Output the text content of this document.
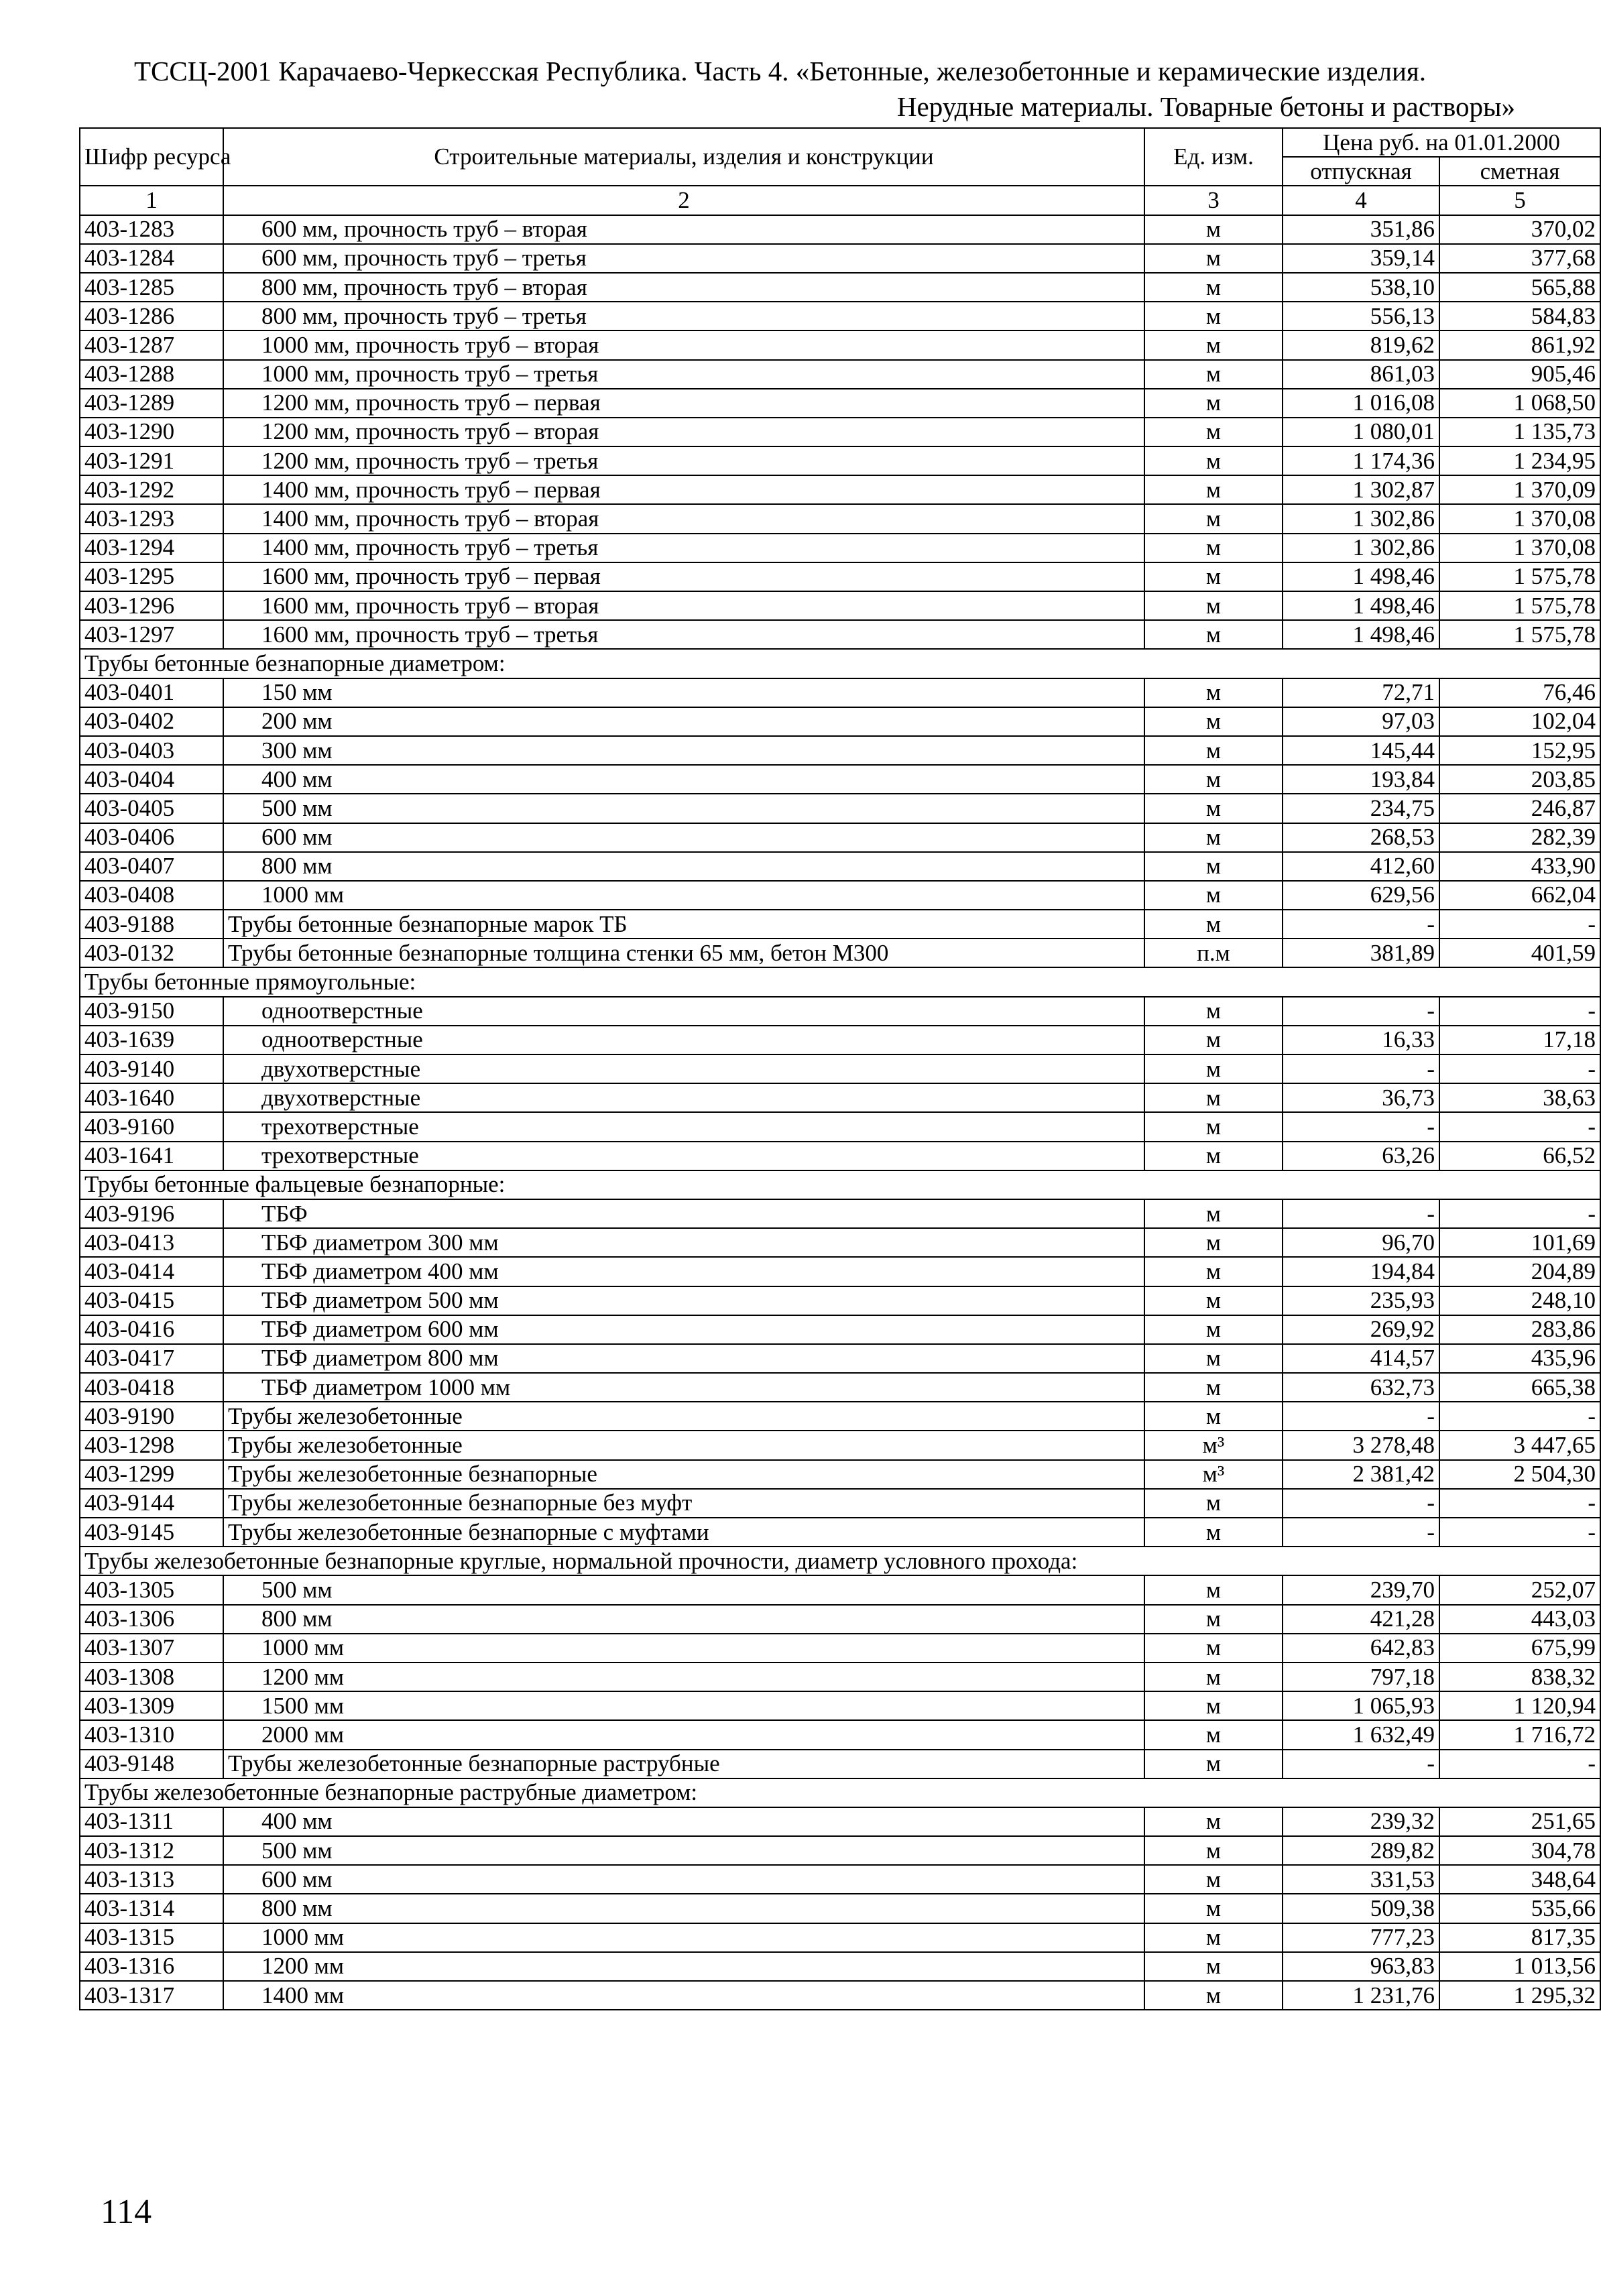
ТССЦ-2001 Карачаево-Черкесская Республика. Часть 4. «Бетонные, железобетонные и керамические изделия.
Нерудные материалы. Товарные бетоны и растворы»
Шифр ресурса	Строительные материалы, изделия и конструкции	Ед. изм.	Цена руб. на 01.01.2000	
			отпускная	сметная
1	2	3	4	5
403-1283	600 мм, прочность труб – вторая	м	351,86	370,02
403-1284	600 мм, прочность труб – третья	м	359,14	377,68
403-1285	800 мм, прочность труб – вторая	м	538,10	565,88
403-1286	800 мм, прочность труб – третья	м	556,13	584,83
403-1287	1000 мм, прочность труб – вторая	м	819,62	861,92
403-1288	1000 мм, прочность труб – третья	м	861,03	905,46
403-1289	1200 мм, прочность труб – первая	м	1 016,08	1 068,50
403-1290	1200 мм, прочность труб – вторая	м	1 080,01	1 135,73
403-1291	1200 мм, прочность труб – третья	м	1 174,36	1 234,95
403-1292	1400 мм, прочность труб – первая	м	1 302,87	1 370,09
403-1293	1400 мм, прочность труб – вторая	м	1 302,86	1 370,08
403-1294	1400 мм, прочность труб – третья	м	1 302,86	1 370,08
403-1295	1600 мм, прочность труб – первая	м	1 498,46	1 575,78
403-1296	1600 мм, прочность труб – вторая	м	1 498,46	1 575,78
403-1297	1600 мм, прочность труб – третья	м	1 498,46	1 575,78
Трубы бетонные безнапорные диаметром:				
403-0401	150 мм	м	72,71	76,46
403-0402	200 мм	м	97,03	102,04
403-0403	300 мм	м	145,44	152,95
403-0404	400 мм	м	193,84	203,85
403-0405	500 мм	м	234,75	246,87
403-0406	600 мм	м	268,53	282,39
403-0407	800 мм	м	412,60	433,90
403-0408	1000 мм	м	629,56	662,04
403-9188	Трубы бетонные безнапорные марок ТБ	м	-	-
403-0132	Трубы бетонные безнапорные толщина стенки 65 мм, бетон М300	п.м	381,89	401,59
Трубы бетонные прямоугольные:				
403-9150	одноотверстные	м	-	-
403-1639	одноотверстные	м	16,33	17,18
403-9140	двухотверстные	м	-	-
403-1640	двухотверстные	м	36,73	38,63
403-9160	трехотверстные	м	-	-
403-1641	трехотверстные	м	63,26	66,52
Трубы бетонные фальцевые безнапорные:				
403-9196	ТБФ	м	-	-
403-0413	ТБФ диаметром 300 мм	м	96,70	101,69
403-0414	ТБФ диаметром 400 мм	м	194,84	204,89
403-0415	ТБФ диаметром 500 мм	м	235,93	248,10
403-0416	ТБФ диаметром 600 мм	м	269,92	283,86
403-0417	ТБФ диаметром 800 мм	м	414,57	435,96
403-0418	ТБФ диаметром 1000 мм	м	632,73	665,38
403-9190	Трубы железобетонные	м	-	-
403-1298	Трубы железобетонные	м³	3 278,48	3 447,65
403-1299	Трубы железобетонные безнапорные	м³	2 381,42	2 504,30
403-9144	Трубы железобетонные безнапорные без муфт	м	-	-
403-9145	Трубы железобетонные безнапорные с муфтами	м	-	-
Трубы железобетонные безнапорные круглые, нормальной прочности, диаметр условного прохода:				
403-1305	500 мм	м	239,70	252,07
403-1306	800 мм	м	421,28	443,03
403-1307	1000 мм	м	642,83	675,99
403-1308	1200 мм	м	797,18	838,32
403-1309	1500 мм	м	1 065,93	1 120,94
403-1310	2000 мм	м	1 632,49	1 716,72
403-9148	Трубы железобетонные безнапорные раструбные	м	-	-
Трубы железобетонные безнапорные раструбные диаметром:				
403-1311	400 мм	м	239,32	251,65
403-1312	500 мм	м	289,82	304,78
403-1313	600 мм	м	331,53	348,64
403-1314	800 мм	м	509,38	535,66
403-1315	1000 мм	м	777,23	817,35
403-1316	1200 мм	м	963,83	1 013,56
403-1317	1400 мм	м	1 231,76	1 295,32
114
